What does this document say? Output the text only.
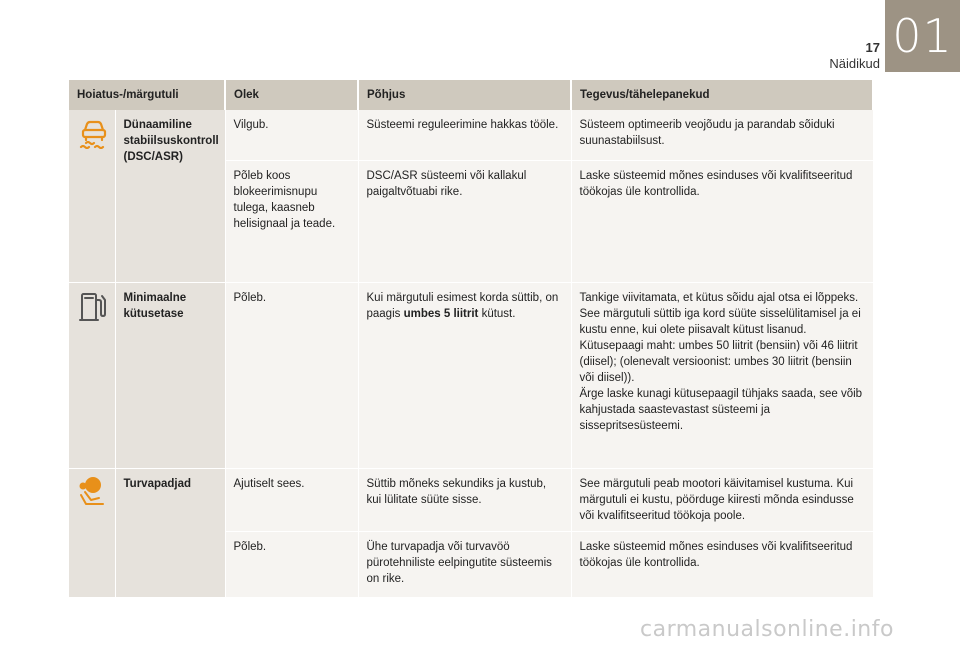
01
17
Näidikud
Hoiatus-/märgutuli		Olek	Põhjus	Tegevus/tähelepanekud

	Dünaamiline stabiilsuskontroll (DSC/ASR)	Vilgub.	Süsteemi reguleerimine hakkas tööle.	Süsteem optimeerib veojõudu ja parandab sõiduki suunastabiilsust.
		Põleb koos blokeerimisnupu tulega, kaasneb helisignaal ja teade.	DSC/ASR süsteemi või kallakul paigaltvõtuabi rike.	Laske süsteemid mõnes esinduses või kvalifitseeritud töökojas üle kontrollida.

	Minimaalne kütusetase	Põleb.	Kui märgutuli esimest korda süttib, on paagis umbes 5 liitrit kütust.	Tankige viivitamata, et kütus sõidu ajal otsa ei lõppeks.
See märgutuli süttib iga kord süüte sisselülitamisel ja ei kustu enne, kui olete piisavalt kütust lisanud.
Kütusepaagi maht: umbes 50 liitrit (bensiin) või 46 liitrit (diisel); (olenevalt versioonist: umbes 30 liitrit (bensiin või diisel)).
Ärge laske kunagi kütusepaagil tühjaks saada, see võib kahjustada saastevastast süsteemi ja sissepritsesüsteemi.

	Turvapadjad	Ajutiselt sees.	Süttib mõneks sekundiks ja kustub, kui lülitate süüte sisse.	See märgutuli peab mootori käivitamisel kustuma. Kui märgutuli ei kustu, pöörduge kiiresti mõnda esindusse või kvalifitseeritud töökoja poole.
		Põleb.	Ühe turvapadja või turvavöö pürotehniliste eelpingutite süsteemis on rike.	Laske süsteemid mõnes esinduses või kvalifitseeritud töökojas üle kontrollida.
carmanualsonline.info
